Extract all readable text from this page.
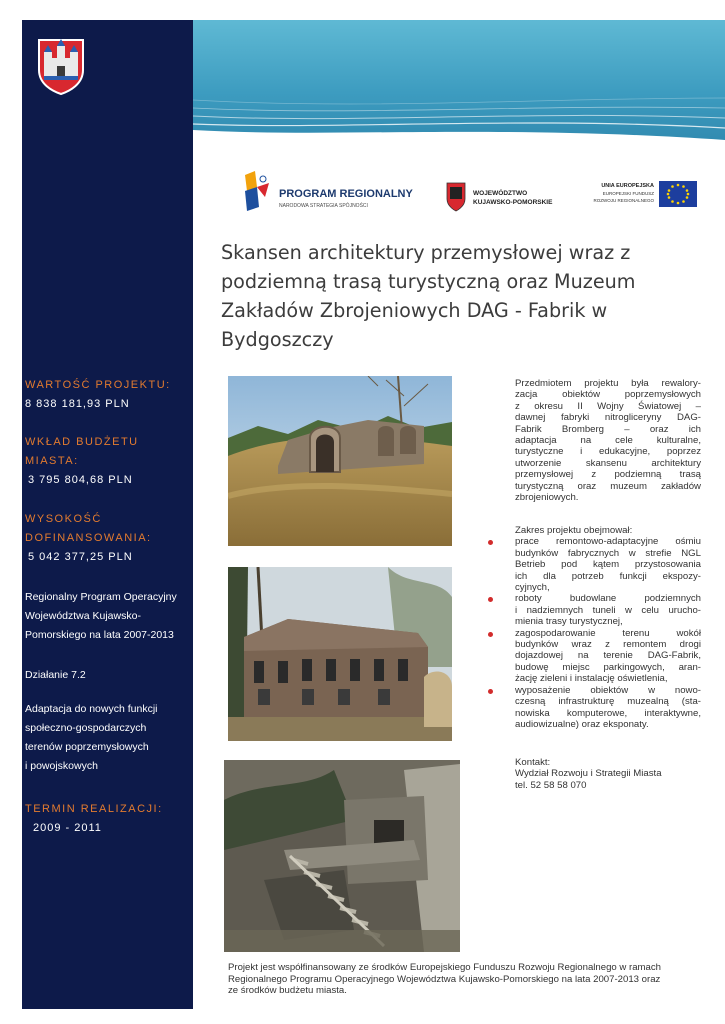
PROGRAM REGIONALNY
NARODOWA STRATEGIA SPÓJNOŚCI
WOJEWÓDZTWO
KUJAWSKO-POMORSKIE
UNIA EUROPEJSKA
EUROPEJSKI FUNDUSZ
ROZWOJU REGIONALNEGO
Skansen architektury przemysłowej wraz z podziemną trasą turystyczną oraz Muzeum Zakładów Zbrojeniowych DAG - Fabrik w Bydgoszczy
WARTOŚĆ PROJEKTU:
8 838 181,93 PLN
WKŁAD BUDŻETU
MIASTA:
3 795 804,68 PLN
WYSOKOŚĆ
DOFINANSOWANIA:
5 042 377,25 PLN
Regionalny Program Operacyjny
Województwa Kujawsko-
Pomorskiego na lata 2007-2013
Działanie 7.2
Adaptacja do nowych funkcji
społeczno-gospodarczych
terenów poprzemysłowych
i powojskowych
TERMIN REALIZACJI:
2009 - 2011

Przedmiotem projektu była rewalory-
zacja obiektów poprzemysłowych
z okresu II Wojny Światowej –
dawnej fabryki nitrogliceryny DAG-
Fabrik Bromberg – oraz ich
adaptacja na cele kulturalne,
turystyczne i edukacyjne, poprzez
utworzenie skansenu architektury
przemysłowej z podziemną trasą
turystyczną oraz muzeum zakładów
zbrojeniowych.

Zakres projektu obejmował:
prace remontowo-adaptacyjne ośmiu
budynków fabrycznych w strefie NGL
Betrieb pod kątem przystosowania
ich dla potrzeb funkcji ekspozy-
cyjnych,
roboty budowlane podziemnych
i nadziemnych tuneli w celu urucho-
mienia trasy turystycznej,
zagospodarowanie terenu wokół
budynków wraz z remontem drogi
dojazdowej na terenie DAG-Fabrik,
budowę miejsc parkingowych, aran-
żację zieleni i instalację oświetlenia,
wyposażenie obiektów w nowo-
czesną infrastrukturę muzealną (sta-
nowiska komputerowe, interaktywne,
audiowizualne) oraz eksponaty.
Kontakt:
Wydział Rozwoju i Strategii Miasta
tel. 52 58 58 070
Projekt jest współfinansowany ze środków Europejskiego Funduszu Rozwoju Regionalnego w ramach
Regionalnego Programu Operacyjnego Województwa Kujawsko-Pomorskiego na lata 2007-2013 oraz
ze środków budżetu miasta.
